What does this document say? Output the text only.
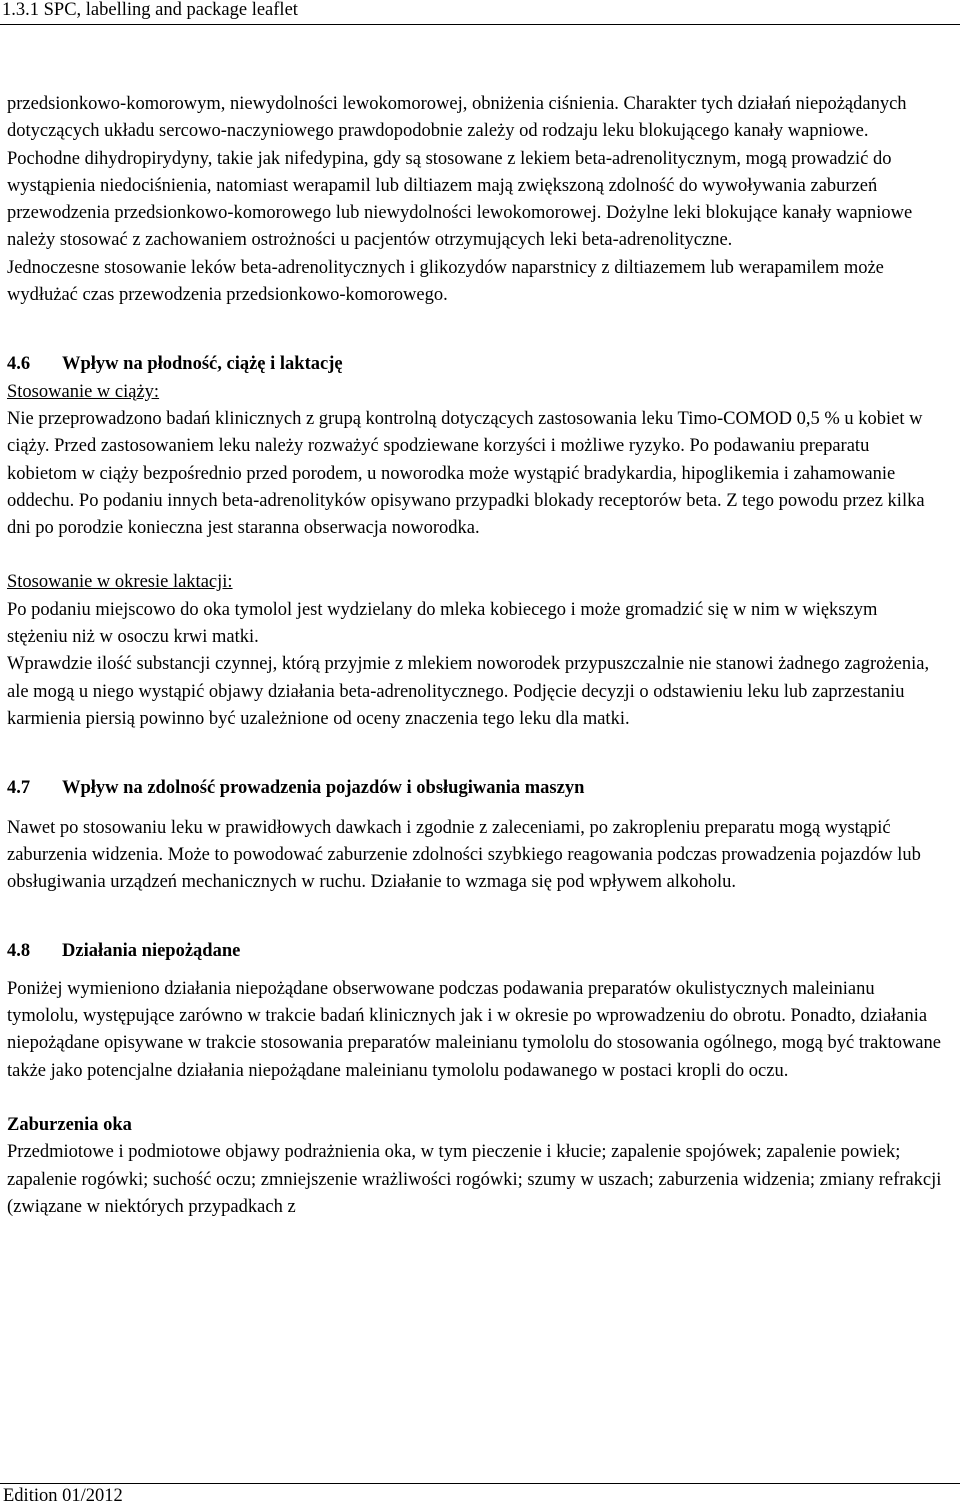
1.3.1 SPC, labelling and package leaflet

przedsionkowo-komorowym, niewydolności lewokomorowej, obniżenia ciśnienia. Charakter tych działań niepożądanych dotyczących układu sercowo-naczyniowego prawdopodobnie zależy od rodzaju leku blokującego kanały wapniowe. Pochodne dihydropirydyny, takie jak nifedypina, gdy są stosowane z lekiem beta-adrenolitycznym, mogą prowadzić do wystąpienia niedociśnienia, natomiast werapamil lub diltiazem mają zwiększoną zdolność do wywoływania zaburzeń przewodzenia przedsionkowo-komorowego lub niewydolności lewokomorowej. Dożylne leki blokujące kanały wapniowe należy stosować z zachowaniem ostrożności u pacjentów otrzymujących leki beta-adrenolityczne.

Jednoczesne stosowanie leków beta-adrenolitycznych i glikozydów naparstnicy z diltiazemem lub werapamilem może wydłużać czas przewodzenia przedsionkowo-komorowego.

4.6	Wpływ na płodność, ciążę i laktację

Stosowanie w ciąży:

Nie przeprowadzono badań klinicznych z grupą kontrolną dotyczących zastosowania leku Timo-COMOD 0,5 % u kobiet w ciąży. Przed zastosowaniem leku należy rozważyć spodziewane korzyści i możliwe ryzyko. Po podawaniu preparatu kobietom w ciąży bezpośrednio przed porodem, u noworodka może wystąpić bradykardia, hipoglikemia i zahamowanie oddechu. Po podaniu innych beta-adrenolityków opisywano przypadki blokady receptorów beta. Z tego powodu przez kilka dni po porodzie konieczna jest staranna obserwacja noworodka.

Stosowanie w okresie laktacji:

Po podaniu miejscowo do oka tymolol jest wydzielany do mleka kobiecego i może gromadzić się w nim w większym stężeniu niż w osoczu krwi matki.

Wprawdzie ilość substancji czynnej, którą przyjmie z mlekiem noworodek przypuszczalnie nie stanowi żadnego zagrożenia, ale mogą u niego wystąpić objawy działania beta-adrenolitycznego. Podjęcie decyzji o odstawieniu leku lub zaprzestaniu karmienia piersią powinno być uzależnione od oceny znaczenia tego leku dla matki.

4.7	Wpływ na zdolność prowadzenia pojazdów i obsługiwania maszyn

Nawet po stosowaniu leku w prawidłowych dawkach i zgodnie z zaleceniami, po zakropleniu preparatu mogą wystąpić zaburzenia widzenia. Może to powodować zaburzenie zdolności szybkiego reagowania podczas prowadzenia pojazdów lub obsługiwania urządzeń mechanicznych w ruchu. Działanie to wzmaga się pod wpływem alkoholu.

4.8	Działania niepożądane

Poniżej wymieniono działania niepożądane obserwowane podczas podawania preparatów okulistycznych maleinianu tymololu, występujące zarówno w trakcie badań klinicznych jak i w okresie po wprowadzeniu do obrotu. Ponadto, działania niepożądane opisywane w trakcie stosowania preparatów maleinianu tymololu do stosowania ogólnego, mogą być traktowane także jako potencjalne działania niepożądane maleinianu tymololu podawanego w postaci kropli do oczu.

Zaburzenia oka

Przedmiotowe i podmiotowe objawy podrażnienia oka, w tym pieczenie i kłucie; zapalenie spojówek; zapalenie powiek; zapalenie rogówki; suchość oczu; zmniejszenie wrażliwości rogówki; szumy w uszach; zaburzenia widzenia; zmiany refrakcji (związane w niektórych przypadkach z

Edition 01/2012
